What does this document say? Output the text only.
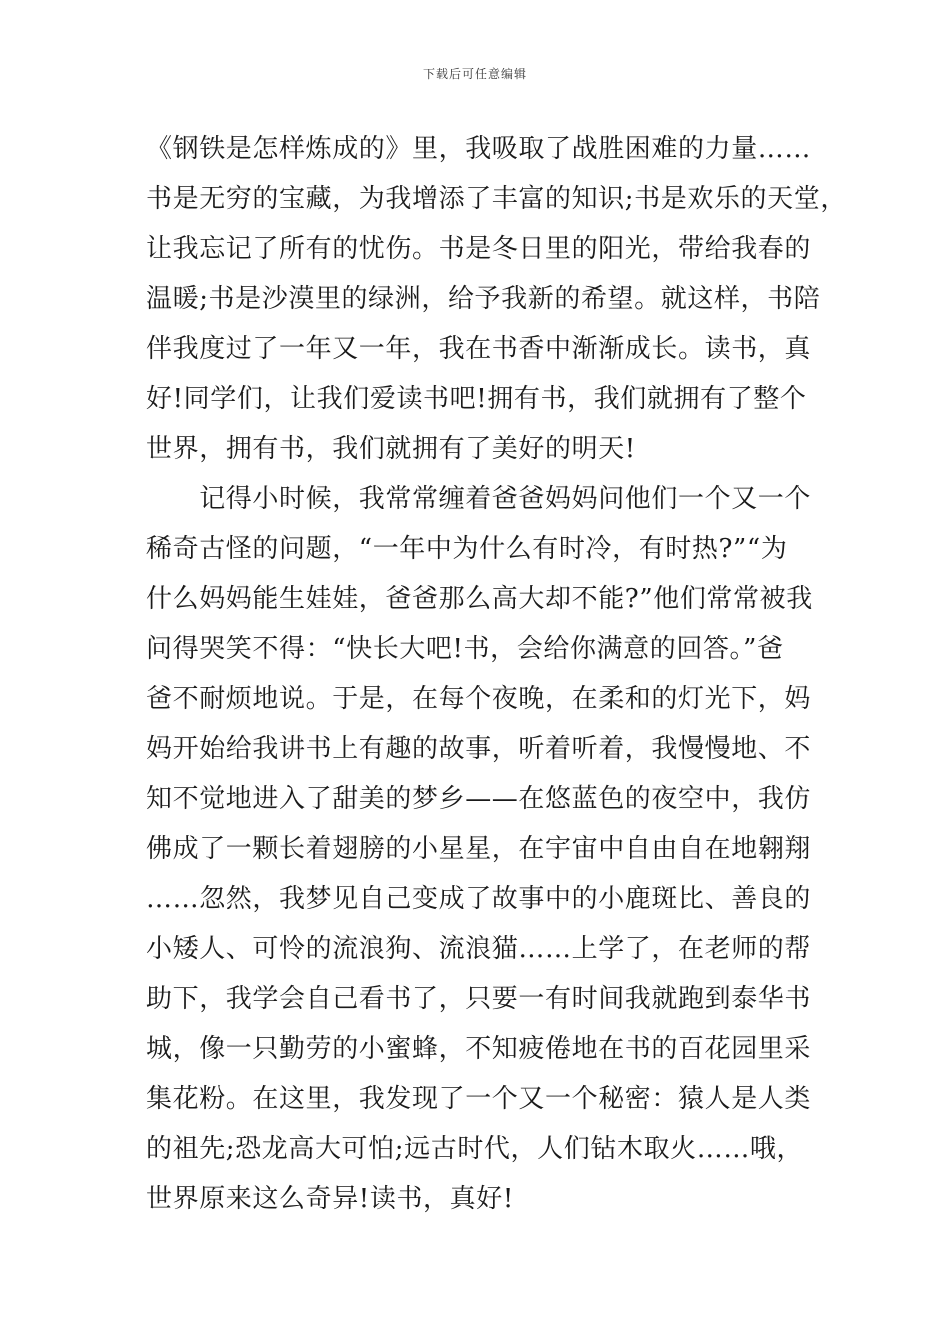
下载后可任意编辑
《钢铁是怎样炼成的》里，我吸取了战胜困难的力量……
书是无穷的宝藏，为我增添了丰富的知识;书是欢乐的天堂，
让我忘记了所有的忧伤。书是冬日里的阳光，带给我春的
温暖;书是沙漠里的绿洲，给予我新的希望。就这样，书陪
伴我度过了一年又一年，我在书香中渐渐成长。读书，真
好!同学们，让我们爱读书吧!拥有书，我们就拥有了整个
世界，拥有书，我们就拥有了美好的明天!
　　记得小时候，我常常缠着爸爸妈妈问他们一个又一个
稀奇古怪的问题，“一年中为什么有时冷，有时热?”“为
什么妈妈能生娃娃，爸爸那么高大却不能?”他们常常被我
问得哭笑不得：“快长大吧!书，会给你满意的回答。”爸
爸不耐烦地说。于是，在每个夜晚，在柔和的灯光下，妈
妈开始给我讲书上有趣的故事，听着听着，我慢慢地、不
知不觉地进入了甜美的梦乡——在悠蓝色的夜空中，我仿
佛成了一颗长着翅膀的小星星，在宇宙中自由自在地翱翔
……忽然，我梦见自己变成了故事中的小鹿斑比、善良的
小矮人、可怜的流浪狗、流浪猫……上学了，在老师的帮
助下，我学会自己看书了，只要一有时间我就跑到泰华书
城，像一只勤劳的小蜜蜂，不知疲倦地在书的百花园里采
集花粉。在这里，我发现了一个又一个秘密：猿人是人类
的祖先;恐龙高大可怕;远古时代，人们钻木取火……哦，
世界原来这么奇异!读书，真好!
